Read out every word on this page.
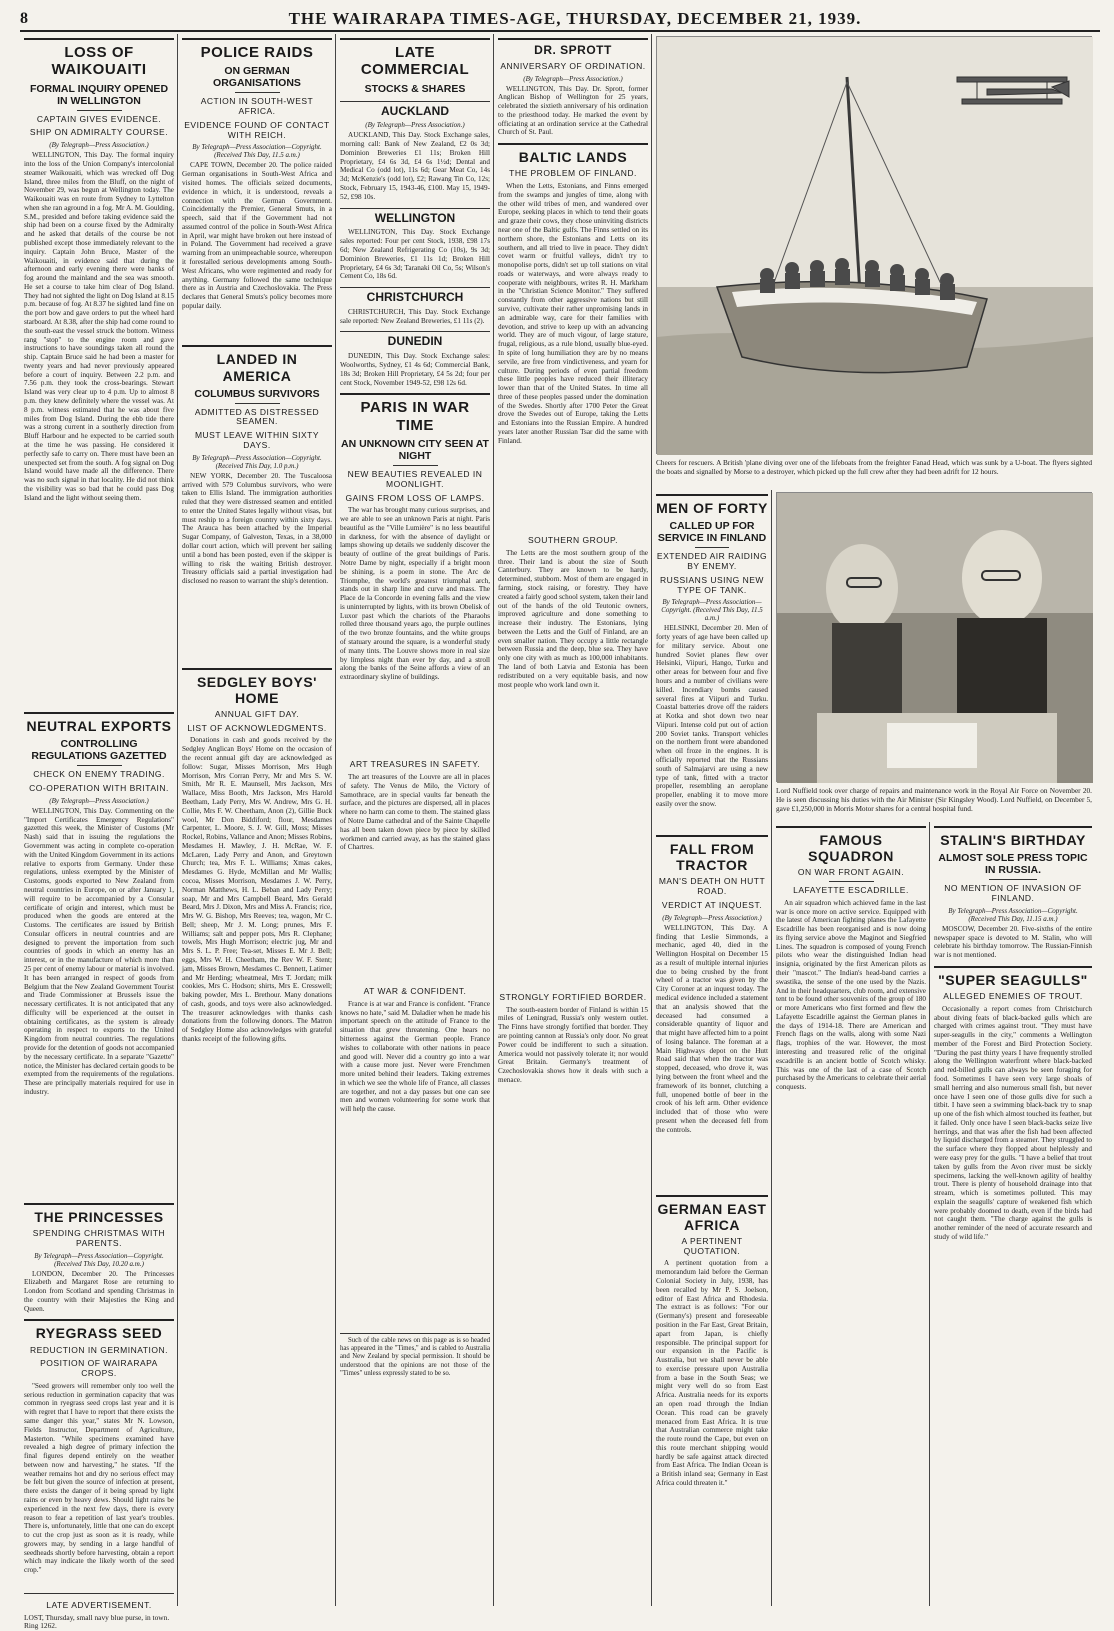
8	THE WAIRARAPA TIMES-AGE, THURSDAY, DECEMBER 21, 1939.
LOSS OF WAIKOUAITI
FORMAL INQUIRY OPENED IN WELLINGTON
CAPTAIN GIVES EVIDENCE.
SHIP ON ADMIRALTY COURSE.
(By Telegraph—Press Association.)

WELLINGTON, This Day. The formal inquiry into the loss of the Union Company's intercolonial steamer Waikouaiti, which was wrecked off Dog Island, three miles from the Bluff, on the night of November 29, was begun at Wellington today. The Waikouaiti was en route from Sydney to Lyttelton when she ran aground in a fog. Mr A. M. Goulding, S.M., presided and before taking evidence said the ship had been on a course fixed by the Admiralty and he asked that details of the course be not published except those immediately relevant to the inquiry. Captain John Bruce, Master of the Waikouaiti, in evidence said that during the afternoon and early evening there were banks of fog around the mainland and the sea was smooth. He set a course to take him clear of Dog Island. They had not sighted the light on Dog Island at 8.15 p.m. because of fog. At 8.37 he sighted land fine on the port bow and gave orders to put the wheel hard starboard. At 8.38, after the ship had come round to the south-east the vessel struck the bottom. Witness rang "stop" to the engine room and gave instructions to have soundings taken all round the ship. Captain Bruce said he had been a master for twenty years and had never previously appeared before a court of inquiry. Between 2.2 p.m. and 7.56 p.m. they took the cross-bearings. Stewart Island was very clear up to 4 p.m. Up to almost 8 p.m. they knew definitely where the vessel was. At 8 p.m. witness estimated that he was about five miles from Dog Island. During the ebb tide there was a strong current in a southerly direction from Bluff Harbour and he expected to be carried south at the time he was passing. He considered it perfectly safe to carry on. There must have been an unexpected set from the south. A fog signal on Dog Island would have made all the difference. There was no such signal in that locality. He did not think the visibility was so bad that he could pass Dog Island and the light without seeing them.

NEUTRAL EXPORTS
CONTROLLING REGULATIONS GAZETTED
CHECK ON ENEMY TRADING.
CO-OPERATION WITH BRITAIN.
(By Telegraph—Press Association.)

WELLINGTON, This Day. Commenting on the "Import Certificates Emergency Regulations" gazetted this week, the Minister of Customs (Mr Nash) said that in issuing the regulations the Government was acting in complete co-operation with the United Kingdom Government in its actions relative to exports from Germany. Under these regulations, unless exempted by the Minister of Customs, goods exported to New Zealand from neutral countries in Europe, on or after January 1, will require to be accompanied by a Consular certificate of origin and interest, which must be produced when the goods are entered at the Customs. The certificates are issued by British Consular officers in neutral countries and are designed to prevent the importation from such countries of goods in which an enemy has an interest, or in the manufacture of which more than 25 per cent of enemy labour or material is involved. It has been arranged in respect of goods from Belgium that the New Zealand Government Tourist and Trade Commissioner at Brussels issue the necessary certificates. It is not anticipated that any difficulty will be experienced at the outset in obtaining certificates, as the system is already operating in respect to exports to the United Kingdom from neutral countries. The regulations provide for the detention of goods not accompanied by the necessary certificate. In a separate "Gazette" notice, the Minister has declared certain goods to be exempted from the requirements of the regulations. These are principally materials required for use in industry.

THE PRINCESSES
SPENDING CHRISTMAS WITH PARENTS.
By Telegraph—Press Association—Copyright. (Received This Day, 10.20 a.m.)

LONDON, December 20. The Princesses Elizabeth and Margaret Rose are returning to London from Scotland and spending Christmas in the country with their Majesties the King and Queen.

RYEGRASS SEED
REDUCTION IN GERMINATION.
POSITION OF WAIRARAPA CROPS.

"Seed growers will remember only too well the serious reduction in germination capacity that was common in ryegrass seed crops last year and it is with regret that I have to report that there exists the same danger this year," states Mr N. Lowson, Fields Instructor, Department of Agriculture, Masterton. "While specimens examined have revealed a high degree of primary infection the final figures depend entirely on the weather between now and harvesting," he states. "If the weather remains hot and dry no serious effect may be felt but given the source of infection at present, there exists the danger of it being spread by light rains or even by heavy dews. Should light rains be experienced in the next few days, there is every reason to fear a repetition of last year's troubles. There is, unfortunately, little that one can do except to cut the crop just as soon as it is ready, while growers may, by sending in a large handful of seedheads shortly before harvesting, obtain a report which may indicate the likely worth of the seed crop."

LATE ADVERTISEMENT.

LOST, Thursday, small navy blue purse, in town. Ring 1262.

POLICE RAIDS
ON GERMAN ORGANISATIONS
ACTION IN SOUTH-WEST AFRICA.
EVIDENCE FOUND OF CONTACT WITH REICH.
By Telegraph—Press Association—Copyright. (Received This Day, 11.5 a.m.)

CAPE TOWN, December 20. The police raided German organisations in South-West Africa and visited homes. The officials seized documents, evidence in which, it is understood, reveals a connection with the German Government. Coincidentally the Premier, General Smuts, in a speech, said that if the Government had not assumed control of the police in South-West Africa in April, war might have broken out here instead of in Poland. The Government had received a grave warning from an unimpeachable source, whereupon it forestalled serious developments among South-West Africans, who were regimented and ready for anything. Germany followed the same technique there as in Austria and Czechoslovakia. The Press declares that General Smuts's policy becomes more popular daily.

LANDED IN AMERICA
COLUMBUS SURVIVORS
ADMITTED AS DISTRESSED SEAMEN.
MUST LEAVE WITHIN SIXTY DAYS.
By Telegraph—Press Association—Copyright. (Received This Day, 1.0 p.m.)

NEW YORK, December 20. The Tuscaloosa arrived with 579 Columbus survivors, who were taken to Ellis Island. The immigration authorities ruled that they were distressed seamen and entitled to enter the United States legally without visas, but must reship to a foreign country within sixty days. The Arauca has been attached by the Imperial Sugar Company, of Galveston, Texas, in a 38,000 dollar court action, which will prevent her sailing until a bond has been posted, even if the skipper is willing to risk the waiting British destroyer. Treasury officials said a partial investigation had disclosed no reason to warrant the ship's detention.

SEDGLEY BOYS' HOME
ANNUAL GIFT DAY.
LIST OF ACKNOWLEDGMENTS.

Donations in cash and goods received by the Sedgley Anglican Boys' Home on the occasion of the recent annual gift day are acknowledged as follow: Sugar, Misses Morrison, Mrs Hugh Morrison, Mrs Corran Perry, Mr and Mrs S. W. Smith, Mr R. E. Maunsell, Mrs Jackson, Mrs Wallace, Miss Booth, Mrs Jackson, Mrs Harold Beetham, Lady Perry, Mrs W. Andrew, Mrs G. H. Collie, Mrs F. W. Cheetham, Anon (2), Gillie Buck wool, Mr Don Biddiford; flour, Mesdames Carpenter, L. Moore, S. J. W. Gill, Moss; Misses Rockel, Robins, Vallance and Anon; Misses Robins, Mesdames H. Mawley, J. H. McRae, W. F. McLaren, Lady Perry and Anon, and Greytown Church; tea, Mrs F. L. Williams; Xmas cakes, Mesdames G. Hyde, McMillan and Mr Wallis; cocoa, Misses Morrison, Mesdames J. W. Perry, Norman Matthews, H. L. Beban and Lady Perry; soap, Mr and Mrs Campbell Beard, Mrs Gerald Beard, Mrs J. Dixon, Mrs and Miss A. Francis; rice, Mrs W. G. Bishop, Mrs Reeves; tea, wagon, Mr C. Bell; sheep, Mr J. M. Long; prunes, Mrs F. Williams; salt and pepper pots, Mrs R. Clephane; towels, Mrs Hugh Morrison; electric jug, Mr and Mrs S. L. P. Free; Tea-set, Misses E. Mr J. Bell; eggs, Mrs W. H. Cheetham, the Rev W. F. Stent; jam, Misses Brown, Mesdames C. Bennett, Latimer and Mr Herding; wheatmeal, Mrs T. Jordan; milk cookies, Mrs C. Hodson; shirts, Mrs E. Cresswell; baking powder, Mrs L. Brethour. Many donations of cash, goods, and toys were also acknowledged. The treasurer acknowledges with thanks cash donations from the following donors. The Matron of Sedgley Home also acknowledges with grateful thanks receipt of the following gifts.

LATE COMMERCIAL
STOCKS & SHARES
AUCKLAND
(By Telegraph—Press Association.)

AUCKLAND, This Day. Stock Exchange sales, morning call: Bank of New Zealand, £2 0s 3d; Dominion Breweries £1 11s; Broken Hill Proprietary, £4 6s 3d, £4 6s 1½d; Dental and Medical Co (odd lot), 11s 6d; Gear Meat Co, 14s 3d; McKenzie's (odd lot), £2; Rawang Tin Co, 12s; Stock, February 15, 1943-46, £100. May 15, 1949-52, £98 10s.

WELLINGTON

WELLINGTON, This Day. Stock Exchange sales reported: Four per cent Stock, 1938, £98 17s 6d; New Zealand Refrigerating Co (10s), 9s 3d; Dominion Breweries, £1 11s 1d; Broken Hill Proprietary, £4 6s 3d; Taranaki Oil Co, 5s; Wilson's Cement Co, 18s 6d.

CHRISTCHURCH

CHRISTCHURCH, This Day. Stock Exchange sale reported: New Zealand Breweries, £1 11s (2).

DUNEDIN

DUNEDIN, This Day. Stock Exchange sales: Woolworths, Sydney, £1 4s 6d; Commercial Bank, 18s 3d; Broken Hill Proprietary, £4 5s 2d; four per cent Stock, November 1949-52, £98 12s 6d.

PARIS IN WAR TIME
AN UNKNOWN CITY SEEN AT NIGHT
NEW BEAUTIES REVEALED IN MOONLIGHT.
GAINS FROM LOSS OF LAMPS.

The war has brought many curious surprises, and we are able to see an unknown Paris at night. Paris beautiful as the "Ville Lumière" is no less beautiful in darkness, for with the absence of daylight or lamps showing up details we suddenly discover the beauty of outline of the great buildings of Paris. Notre Dame by night, especially if a bright moon be shining, is a poem in stone. The Arc de Triomphe, the world's greatest triumphal arch, stands out in sharp line and curve and mass. The Place de la Concorde in evening falls and the view is uninterrupted by lights, with its brown Obelisk of Luxor past which the chariots of the Pharaohs rolled three thousand years ago, the purple outlines of the two bronze fountains, and the white groups of statuary around the square, is a wonderful study of many tints. The Louvre shows more in real size by limpless night than ever by day, and a stroll along the banks of the Seine affords a view of an extraordinary skyline of buildings.

ART TREASURES IN SAFETY.

The art treasures of the Louvre are all in places of safety. The Venus de Milo, the Victory of Samothrace, are in special vaults far beneath the surface, and the pictures are dispersed, all in places where no harm can come to them. The stained glass of Notre Dame cathedral and of the Sainte Chapelle has all been taken down piece by piece by skilled workmen and carried away, as has the stained glass of Chartres.

AT WAR & CONFIDENT.

France is at war and France is confident. "France knows no hate," said M. Daladier when he made his important speech on the attitude of France to the situation that grew threatening. One hears no bitterness against the German people. France wishes to collaborate with other nations in peace and good will. Never did a country go into a war with a cause more just. Never were Frenchmen more united behind their leaders. Taking extremes in which we see the whole life of France, all classes are together, and not a day passes but one can see men and women volunteering for some work that will help the cause.

Such of the cable news on this page as is so headed has appeared in the "Times," and is cabled to Australia and New Zealand by special permission. It should be understood that the opinions are not those of the "Times" unless expressly stated to be so.

DR. SPROTT
ANNIVERSARY OF ORDINATION.
(By Telegraph—Press Association.)

WELLINGTON, This Day. Dr. Sprott, former Anglican Bishop of Wellington for 25 years, celebrated the sixtieth anniversary of his ordination to the priesthood today. He marked the event by officiating at an ordination service at the Cathedral Church of St. Paul.

BALTIC LANDS
THE PROBLEM OF FINLAND.

When the Letts, Estonians, and Finns emerged from the swamps and jungles of time, along with the other wild tribes of men, and wandered over Europe, seeking places in which to tend their goats and graze their cows, they chose uninviting districts near one of the Baltic gulfs. The Finns settled on its northern shore, the Estonians and Letts on its southern, and all tried to live in peace. They didn't covet warm or fruitful valleys, didn't try to monopolise ports, didn't set up toll stations on vital roads or waterways, and were always ready to cooperate with neighbours, writes R. H. Markham in the "Christian Science Monitor." They suffered constantly from other aggressive nations but still survive, cultivate their rather unpromising lands in an admirable way, care for their families with devotion, and strive to keep up with an advancing world. They are of much vigour, of large stature, frugal, religious, as a rule blond, usually blue-eyed. In spite of long humiliation they are by no means servile, are free from vindictiveness, and yearn for culture. During periods of even partial freedom these little peoples have reduced their illiteracy lower than that of the United States. In time all three of these peoples passed under the domination of the Swedes. Shortly after 1700 Peter the Great drove the Swedes out of Europe, taking the Letts and Estonians into the Russian Empire. A hundred years later another Russian Tsar did the same with Finland.

SOUTHERN GROUP.

The Letts are the most southern group of the three. Their land is about the size of South Canterbury. They are known to be hardy, determined, stubborn. Most of them are engaged in farming, stock raising, or forestry. They have created a fairly good school system, taken their land out of the hands of the old Teutonic owners, improved agriculture and done something to increase their industry. The Estonians, lying between the Letts and the Gulf of Finland, are an even smaller nation. They occupy a little rectangle between Russia and the deep, blue sea. They have only one city with as much as 100,000 inhabitants. The land of both Latvia and Estonia has been redistributed on a very equitable basis, and now most people who work land own it.

STRONGLY FORTIFIED BORDER.

The south-eastern border of Finland is within 15 miles of Leningrad, Russia's only western outlet. The Finns have strongly fortified that border. They are pointing cannon at Russia's only door. No great Power could be indifferent to such a situation. America would not passively tolerate it; nor would Great Britain. Germany's treatment of Czechoslovakia shows how it deals with such a menace.

Cheers for rescuers. A British 'plane diving over one of the lifeboats from the freighter Fanad Head, which was sunk by a U-boat. The flyers sighted the boats and signalled by Morse to a destroyer, which picked up the full crew after they had been adrift for 12 hours.

MEN OF FORTY
CALLED UP FOR SERVICE IN FINLAND
EXTENDED AIR RAIDING BY ENEMY.
RUSSIANS USING NEW TYPE OF TANK.
By Telegraph—Press Association—Copyright. (Received This Day, 11.5 a.m.)

HELSINKI, December 20. Men of forty years of age have been called up for military service. About one hundred Soviet planes flew over Helsinki, Viipuri, Hango, Turku and other areas for between four and five hours and a number of civilians were killed. Incendiary bombs caused several fires at Viipuri and Turku. Coastal batteries drove off the raiders at Kotka and shot down two near Viipuri. Intense cold put out of action 200 Soviet tanks. Transport vehicles on the northern front were abandoned when oil froze in the engines. It is officially reported that the Russians south of Salmajarvi are using a new type of tank, fitted with a tractor propeller, resembling an aeroplane propeller, enabling it to move more easily over the snow.

FALL FROM TRACTOR
MAN'S DEATH ON HUTT ROAD.
VERDICT AT INQUEST.
(By Telegraph—Press Association.)

WELLINGTON, This Day. A finding that Leslie Simmonds, a mechanic, aged 40, died in the Wellington Hospital on December 15 as a result of multiple internal injuries due to being crushed by the front wheel of a tractor was given by the City Coroner at an inquest today. The medical evidence included a statement that an analysis showed that the deceased had consumed a considerable quantity of liquor and that might have affected him to a point of losing balance. The foreman at a Main Highways depot on the Hutt Road said that when the tractor was stopped, deceased, who drove it, was lying between the front wheel and the framework of its bonnet, clutching a full, unopened bottle of beer in the crook of his left arm. Other evidence included that of those who were present when the deceased fell from the controls.

GERMAN EAST AFRICA
A PERTINENT QUOTATION.

A pertinent quotation from a memorandum laid before the German Colonial Society in July, 1938, has been recalled by Mr P. S. Joelson, editor of East Africa and Rhodesia. The extract is as follows: "For our (Germany's) present and foreseeable position in the Far East, Great Britain, apart from Japan, is chiefly responsible. The principal support for our expansion in the Pacific is Australia, but we shall never be able to exercise pressure upon Australia from a base in the South Seas; we might very well do so from East Africa. Australia needs for its exports an open road through the Indian Ocean. This road can be gravely menaced from East Africa. It is true that Australian commerce might take the route round the Cape, but even on this route merchant shipping would hardly be safe against attack directed from East Africa. The Indian Ocean is a British inland sea; Germany in East Africa could threaten it."

Lord Nuffield took over charge of repairs and maintenance work in the Royal Air Force on November 20. He is seen discussing his duties with the Air Minister (Sir Kingsley Wood). Lord Nuffield, on December 5, gave £1,250,000 in Morris Motor shares for a central hospital fund.

FAMOUS SQUADRON
ON WAR FRONT AGAIN.
LAFAYETTE ESCADRILLE.

An air squadron which achieved fame in the last war is once more on active service. Equipped with the latest of American fighting planes the Lafayette Escadrille has been reorganised and is now doing its flying service above the Maginot and Siegfried Lines. The squadron is composed of young French pilots who wear the distinguished Indian head insignia, originated by the first American pilots as their "mascot." The Indian's head-band carries a swastika, the sense of the one used by the Nazis. And in their headquarters, club room, and extensive tent to be found other souvenirs of the group of 180 or more Americans who first formed and flew the Lafayette Escadrille against the German planes in the days of 1914-18. There are American and French flags on the walls, along with some Nazi flags, trophies of the war. However, the most interesting and treasured relic of the original escadrille is an ancient bottle of Scotch whisky. This was one of the last of a case of Scotch purchased by the Americans to celebrate their aerial conquests.

STALIN'S BIRTHDAY
ALMOST SOLE PRESS TOPIC IN RUSSIA.
NO MENTION OF INVASION OF FINLAND.
By Telegraph—Press Association—Copyright. (Received This Day, 11.15 a.m.)

MOSCOW, December 20. Five-sixths of the entire newspaper space is devoted to M. Stalin, who will celebrate his birthday tomorrow. The Russian-Finnish war is not mentioned.

"SUPER SEAGULLS"
ALLEGED ENEMIES OF TROUT.

Occasionally a report comes from Christchurch about diving feats of black-backed gulls which are charged with crimes against trout. "They must have super-seagulls in the city," comments a Wellington member of the Forest and Bird Protection Society. "During the past thirty years I have frequently strolled along the Wellington waterfront where black-backed and red-billed gulls can always be seen foraging for food. Sometimes I have seen very large shoals of small herring and also numerous small fish, but never once have I seen one of those gulls dive for such a titbit. I have seen a swimming black-back try to snap up one of the fish which almost touched its feather, but it failed. Only once have I seen black-backs seize live herrings, and that was after the fish had been affected by liquid discharged from a steamer. They struggled to the surface where they flopped about helplessly and were easy prey for the gulls. "I have a belief that trout taken by gulls from the Avon river must be sickly specimens, lacking the well-known agility of healthy trout. There is plenty of household drainage into that stream, which is sometimes polluted. This may explain the seagulls' capture of weakened fish which were probably doomed to death, even if the birds had not caught them. "The charge against the gulls is another reminder of the need of accurate research and study of wild life."
